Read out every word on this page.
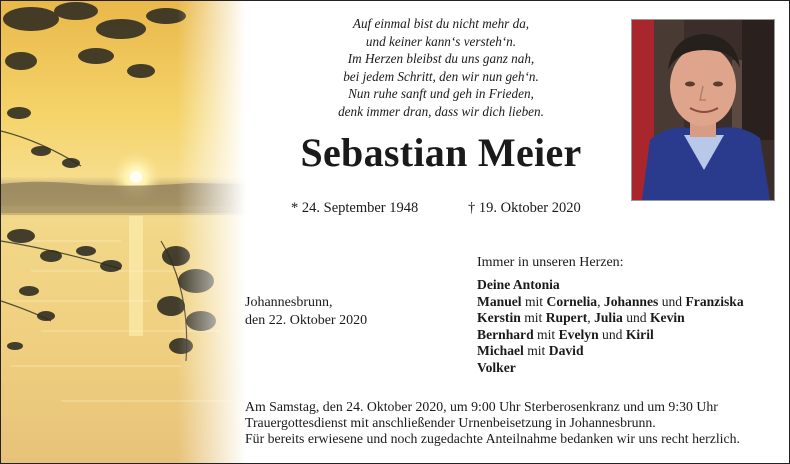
Auf einmal bist du nicht mehr da,
und keiner kann‘s versteh‘n.
Im Herzen bleibst du uns ganz nah,
bei jedem Schritt, den wir nun geh‘n.
Nun ruhe sanft und geh in Frieden,
denk immer dran, dass wir dich lieben.
Sebastian Meier
* 24. September 1948	† 19. Oktober 2020
Immer in unseren Herzen:
Johannesbrunn,
den 22. Oktober 2020
Deine Antonia
Manuel mit Cornelia, Johannes und Franziska
Kerstin mit Rupert, Julia und Kevin
Bernhard mit Evelyn und Kiril
Michael mit David
Volker
Am Samstag, den 24. Oktober 2020, um 9:00 Uhr Sterberosenkranz und um 9:30 Uhr
Trauergottesdienst mit anschließender Urnenbeisetzung in Johannesbrunn.
Für bereits erwiesene und noch zugedachte Anteilnahme bedanken wir uns recht herzlich.
